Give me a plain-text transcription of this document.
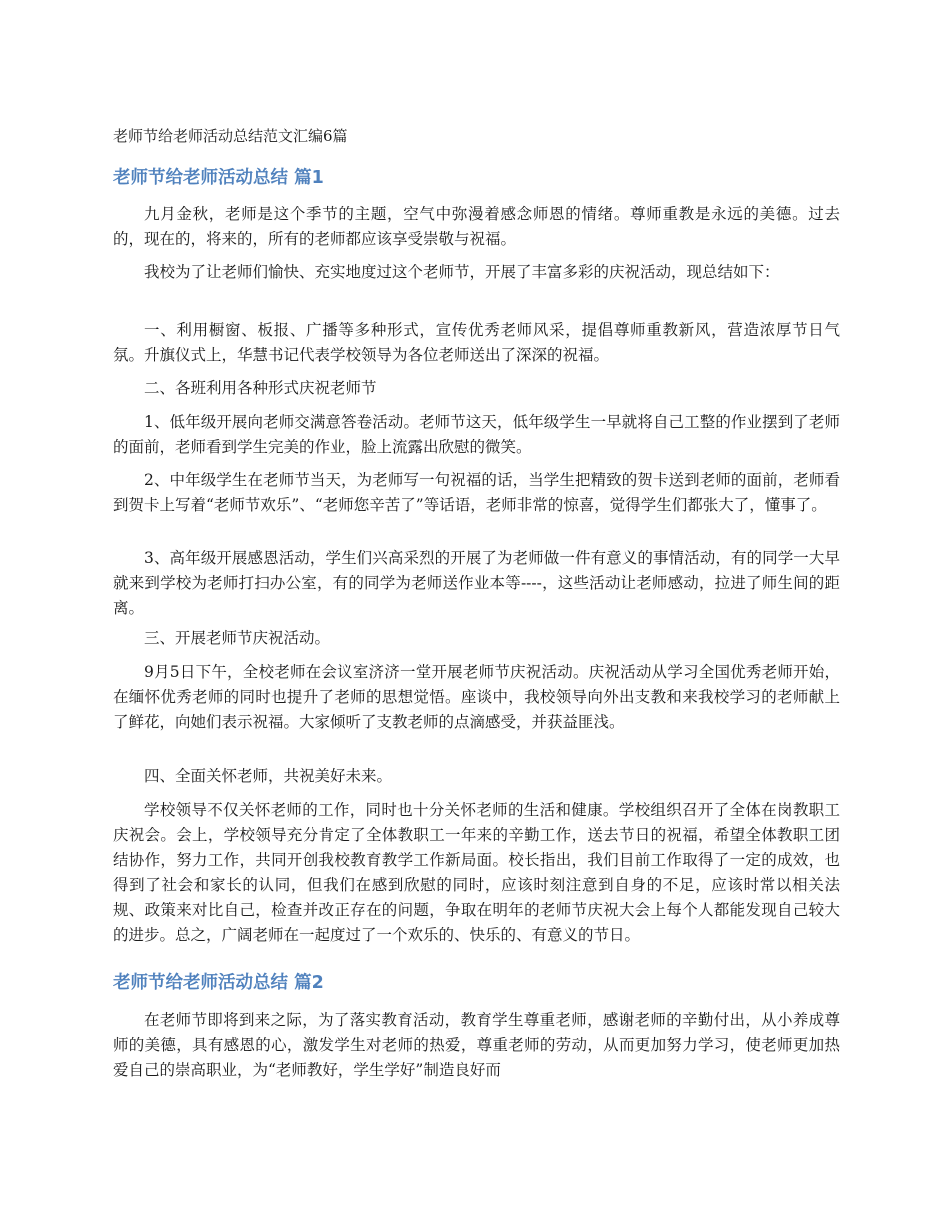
老师节给老师活动总结范文汇编6篇
老师节给老师活动总结 篇1

九月金秋，老师是这个季节的主题，空气中弥漫着感念师恩的情绪。尊师重教是永远的美德。过去的，现在的，将来的，所有的老师都应该享受崇敬与祝福。

我校为了让老师们愉快、充实地度过这个老师节，开展了丰富多彩的庆祝活动，现总结如下：

一、利用橱窗、板报、广播等多种形式，宣传优秀老师风采，提倡尊师重教新风，营造浓厚节日气氛。升旗仪式上，华慧书记代表学校领导为各位老师送出了深深的祝福。

二、各班利用各种形式庆祝老师节

1、低年级开展向老师交满意答卷活动。老师节这天，低年级学生一早就将自己工整的作业摆到了老师的面前，老师看到学生完美的作业，脸上流露出欣慰的微笑。

2、中年级学生在老师节当天，为老师写一句祝福的话，当学生把精致的贺卡送到老师的面前，老师看到贺卡上写着“老师节欢乐”、“老师您辛苦了”等话语，老师非常的惊喜，觉得学生们都张大了，懂事了。

3、高年级开展感恩活动，学生们兴高采烈的开展了为老师做一件有意义的事情活动，有的同学一大早就来到学校为老师打扫办公室，有的同学为老师送作业本等----，这些活动让老师感动，拉进了师生间的距离。

三、开展老师节庆祝活动。

9月5日下午，全校老师在会议室济济一堂开展老师节庆祝活动。庆祝活动从学习全国优秀老师开始，在缅怀优秀老师的同时也提升了老师的思想觉悟。座谈中，我校领导向外出支教和来我校学习的老师献上了鲜花，向她们表示祝福。大家倾听了支教老师的点滴感受，并获益匪浅。

四、全面关怀老师，共祝美好未来。

学校领导不仅关怀老师的工作，同时也十分关怀老师的生活和健康。学校组织召开了全体在岗教职工庆祝会。会上，学校领导充分肯定了全体教职工一年来的辛勤工作，送去节日的祝福，希望全体教职工团结协作，努力工作，共同开创我校教育教学工作新局面。校长指出，我们目前工作取得了一定的成效，也得到了社会和家长的认同，但我们在感到欣慰的同时，应该时刻注意到自身的不足，应该时常以相关法规、政策来对比自己，检查并改正存在的问题，争取在明年的老师节庆祝大会上每个人都能发现自己较大的进步。总之，广阔老师在一起度过了一个欢乐的、快乐的、有意义的节日。

老师节给老师活动总结 篇2

在老师节即将到来之际，为了落实教育活动，教育学生尊重老师，感谢老师的辛勤付出，从小养成尊师的美德，具有感恩的心，激发学生对老师的热爱，尊重老师的劳动，从而更加努力学习，使老师更加热爱自己的崇高职业，为“老师教好，学生学好”制造良好而
